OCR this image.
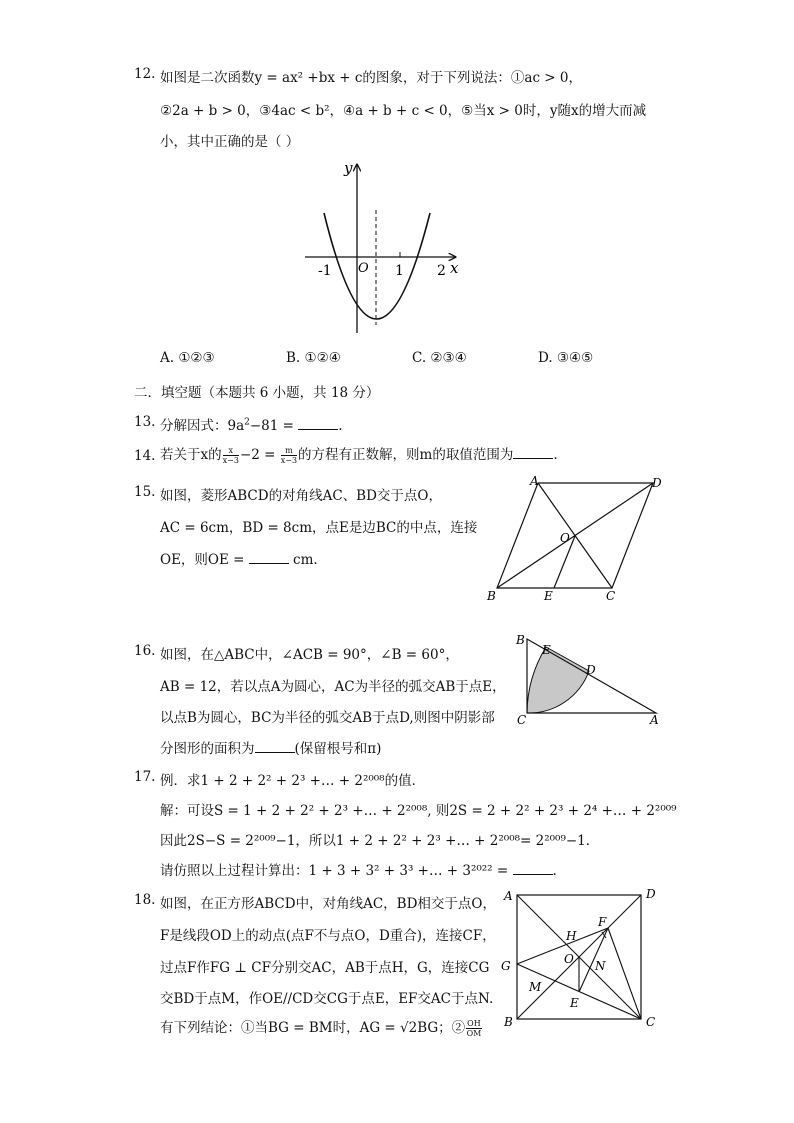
12. 如图是二次函数y = ax² +bx + c的图象，对于下列说法：①ac > 0，
②2a + b > 0，③4ac < b²，④a + b + c < 0，⑤当x > 0时，y随x的增大而减
小，其中正确的是（ ）
y
x
O
-1	1 2
A. ①②③	B. ①②④	C. ②③④	D. ③④⑤
二．填空题（本题共 6 小题，共 18 分）
13. 分解因式：$9a^2-81$ =	.
14. 若关于x的 $\frac{x}{x-3} -2 = \frac{m}{x-3}$ 的方程有正数解，则m的取值范围为	.
15. 如图，菱形ABCD的对角线AC、BD交于点O，
AC = 6cm，BD = 8cm，点E是边BC的中点，连接
OE，则OE =	cm.
A	D
O
B	E	C
16. 如图，在△ABC中，∠ACB = 90°，∠B = 60°，
AB = 12，若以点A为圆心，AC为半径的弧交AB于点E，
以点B为圆心，BC为半径的弧交AB于点D,则图中阴影部
分图形的面积为	(保留根号和π)
B
E
D
C	A
17. 例．求1 + 2 + 2² + 2³ +… + 2²⁰⁰⁸的值．
解：可设S = 1 + 2 + 2² + 2³ +… + 2²⁰⁰⁸, 则2S = 2 + 2² + 2³ + 2⁴ +… + 2²⁰⁰⁹
因此2S−S = 2²⁰⁰⁹−1，所以1 + 2 + 2² + 2³ +… + 2²⁰⁰⁸= 2²⁰⁰⁹−1．
请仿照以上过程计算出：1 + 3 + 3² + 3³ +… + 3²⁰²² =	.
18. 如图，在正方形ABCD中，对角线AC，BD相交于点O，
F是线段OD上的动点(点F不与点O，D重合)，连接CF，
过点F作FG ⊥ CF分别交AC，AB于点H，G，连接CG
交BD于点M，作OE//CD交CG于点E，EF交AC于点N.
有下列结论：①当BG = BM时，AG = √2BG；② $\frac{OH}{OM}$
A	D
F
H
O N
G
M
E
B	C
